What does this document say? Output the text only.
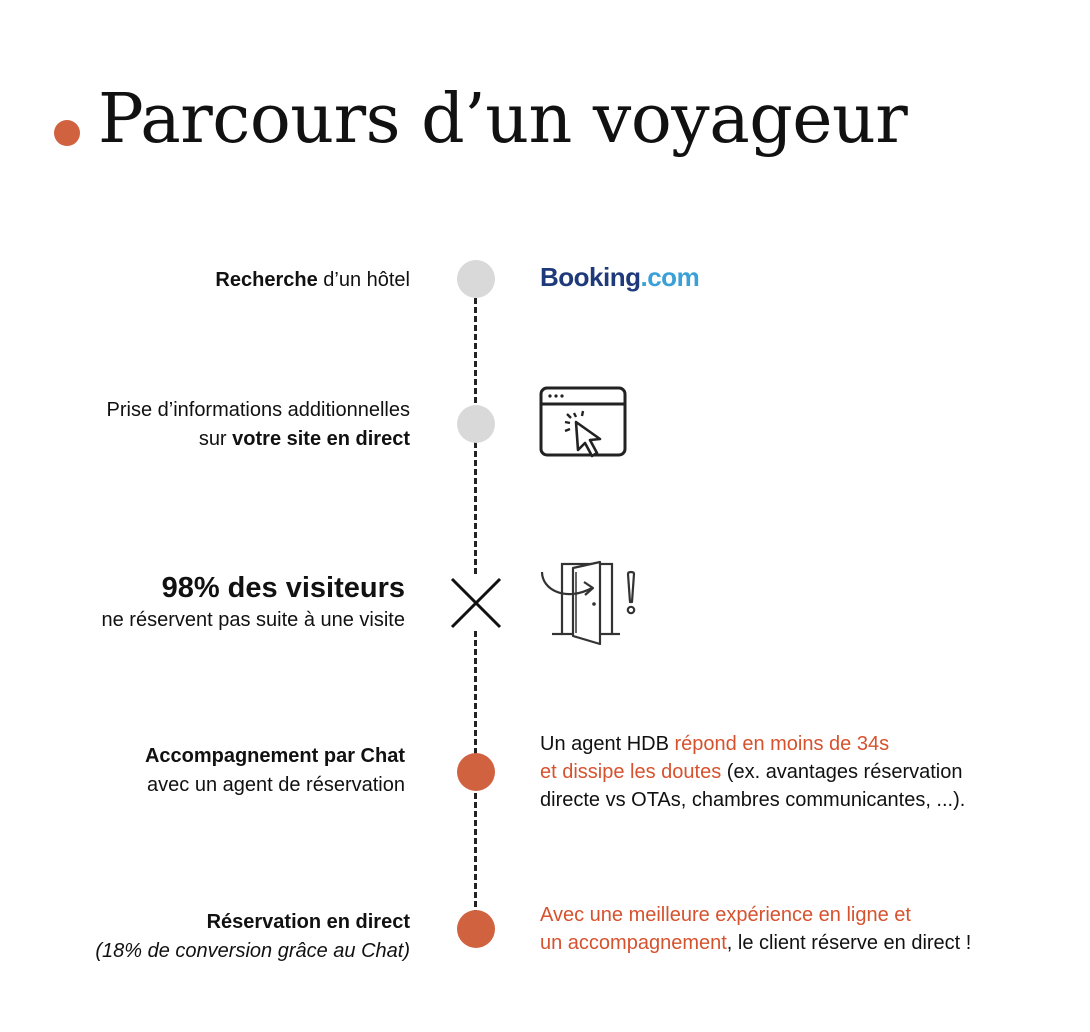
Parcours d’un voyageur
Recherche d’un hôtel	Booking.com
Prise d’informations additionnelles
sur votre site en direct
98% des visiteurs
ne réservent pas suite à une visite
Accompagnement par Chat
avec un agent de réservation
Un agent HDB répond en moins de 34s
et dissipe les doutes (ex. avantages réservation
directe vs OTAs, chambres communicantes, ...).
Réservation en direct
(18% de conversion grâce au Chat)
Avec une meilleure expérience en ligne et
un accompagnement, le client réserve en direct !
